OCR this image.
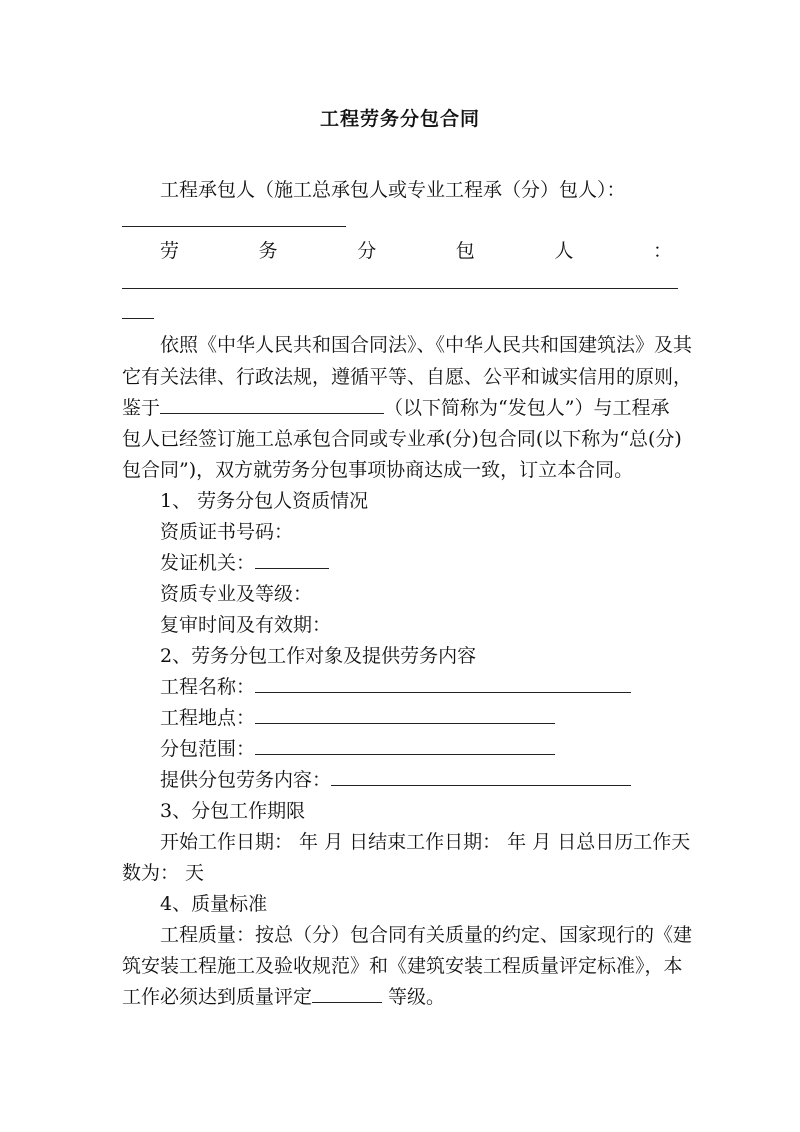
工程劳务分包合同
工程承包人（施工总承包人或专业工程承（分）包人）：
劳	务	分	包	人	：
依照《中华人民共和国合同法》、《中华人民共和国建筑法》及其
它有关法律、行政法规，遵循平等、自愿、公平和诚实信用的原则，
鉴于	（以下简称为“发包人”）与工程承
包人已经签订施工总承包合同或专业承(分)包合同(以下称为“总(分)
包合同”)，双方就劳务分包事项协商达成一致，订立本合同。
1、 劳务分包人资质情况
资质证书号码：
发证机关：
资质专业及等级：
复审时间及有效期：
2、劳务分包工作对象及提供劳务内容
工程名称：
工程地点：
分包范围：
提供分包劳务内容：
3、分包工作期限
开始工作日期： 年 月 日结束工作日期： 年 月 日总日历工作天
数为： 天
4、质量标准
工程质量：按总（分）包合同有关质量的约定、国家现行的《建
筑安装工程施工及验收规范》和《建筑安装工程质量评定标准》，本
工作必须达到质量评定	等级。
